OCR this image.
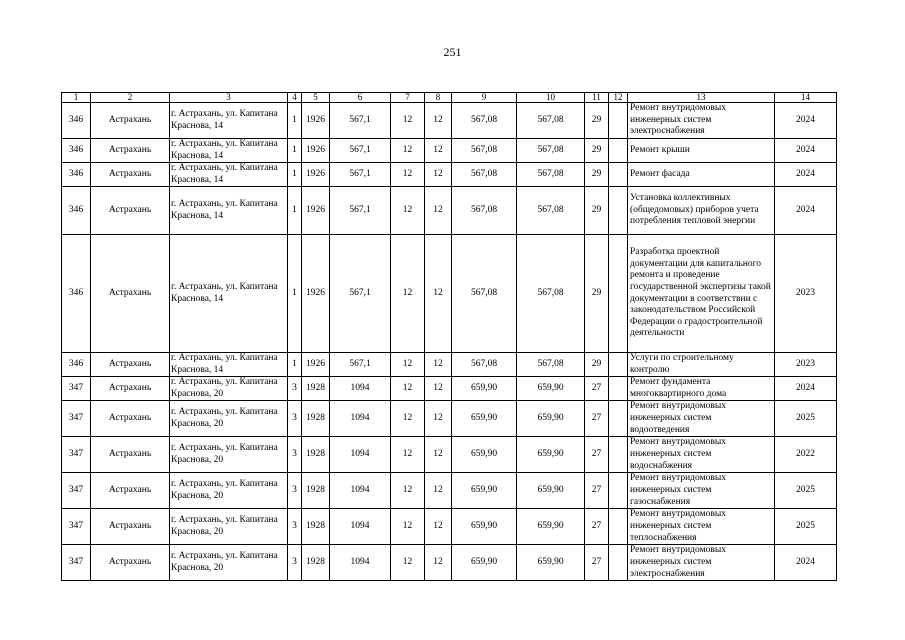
251
1	2	3	4	5	6	7	8	9	10	11	12	13	14
346	Астрахань	г. Астрахань, ул. Капитана Краснова, 14	1	1926	567,1	12	12	567,08	567,08	29		Ремонт внутридомовых инженерных систем электроснабжения	2024
346	Астрахань	г. Астрахань, ул. Капитана Краснова, 14	1	1926	567,1	12	12	567,08	567,08	29		Ремонт крыши	2024
346	Астрахань	г. Астрахань, ул. Капитана Краснова, 14	1	1926	567,1	12	12	567,08	567,08	29		Ремонт фасада	2024
346	Астрахань	г. Астрахань, ул. Капитана Краснова, 14	1	1926	567,1	12	12	567,08	567,08	29		Установка коллективных (общедомовых) приборов учета потребления тепловой энергии	2024
346	Астрахань	г. Астрахань, ул. Капитана Краснова, 14	1	1926	567,1	12	12	567,08	567,08	29		Разработка проектной документации для капитального ремонта и проведение государственной экспертизы такой документации в соответствии с законодательством Российской Федерации о градостроительной деятельности	2023
346	Астрахань	г. Астрахань, ул. Капитана Краснова, 14	1	1926	567,1	12	12	567,08	567,08	29		Услуги по строительному контролю	2023
347	Астрахань	г. Астрахань, ул. Капитана Краснова, 20	3	1928	1094	12	12	659,90	659,90	27		Ремонт фундамента многоквартирного дома	2024
347	Астрахань	г. Астрахань, ул. Капитана Краснова, 20	3	1928	1094	12	12	659,90	659,90	27		Ремонт внутридомовых инженерных систем водоотведения	2025
347	Астрахань	г. Астрахань, ул. Капитана Краснова, 20	3	1928	1094	12	12	659,90	659,90	27		Ремонт внутридомовых инженерных систем водоснабжения	2022
347	Астрахань	г. Астрахань, ул. Капитана Краснова, 20	3	1928	1094	12	12	659,90	659,90	27		Ремонт внутридомовых инженерных систем газоснабжения	2025
347	Астрахань	г. Астрахань, ул. Капитана Краснова, 20	3	1928	1094	12	12	659,90	659,90	27		Ремонт внутридомовых инженерных систем теплоснабжения	2025
347	Астрахань	г. Астрахань, ул. Капитана Краснова, 20	3	1928	1094	12	12	659,90	659,90	27		Ремонт внутридомовых инженерных систем электроснабжения	2024
